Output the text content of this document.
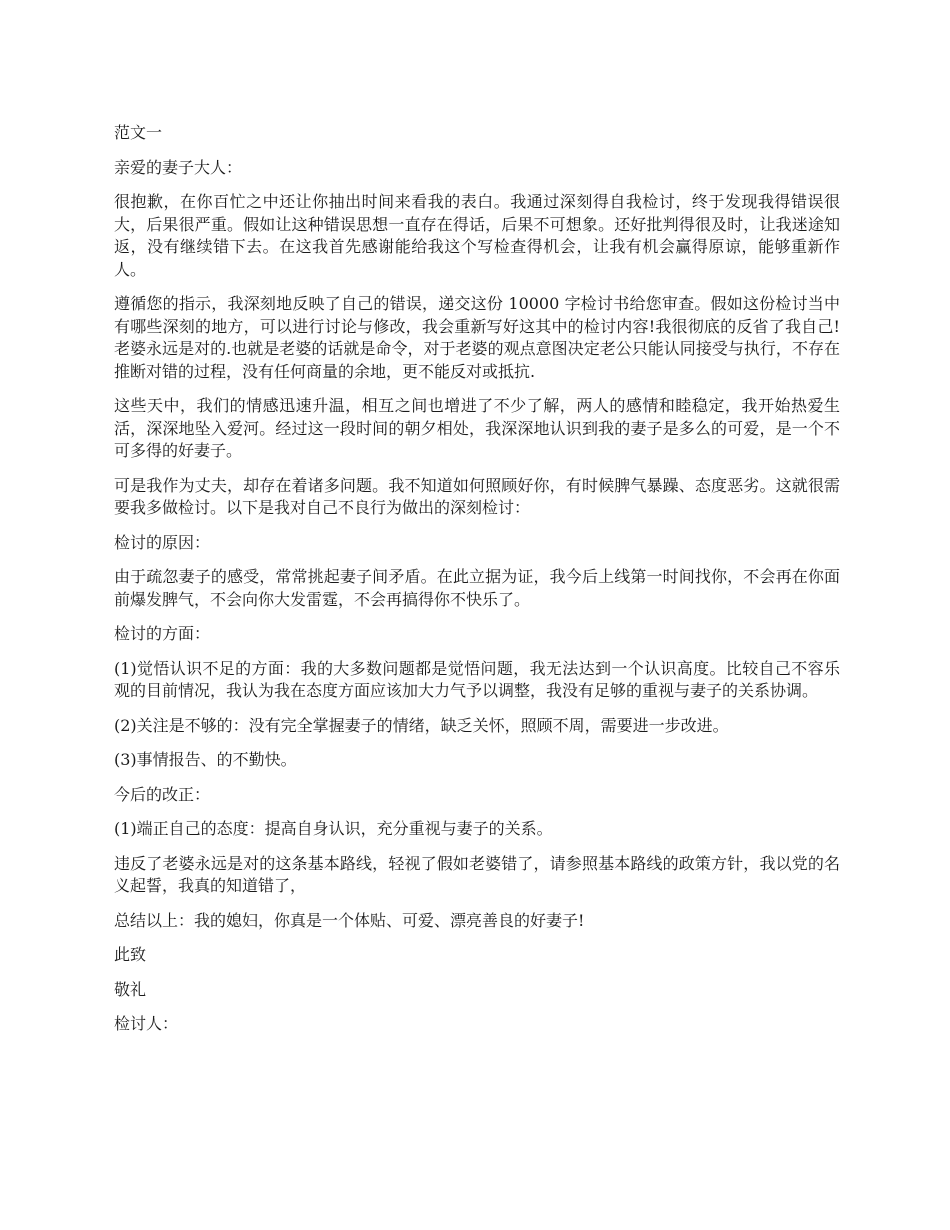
范文一

亲爱的妻子大人：

很抱歉，在你百忙之中还让你抽出时间来看我的表白。我通过深刻得自我检讨，终于发现我得错误很大，后果很严重。假如让这种错误思想一直存在得话，后果不可想象。还好批判得很及时，让我迷途知返，没有继续错下去。在这我首先感谢能给我这个写检查得机会，让我有机会赢得原谅，能够重新作人。

遵循您的指示，我深刻地反映了自己的错误，递交这份 10000 字检讨书给您审查。假如这份检讨当中有哪些深刻的地方，可以进行讨论与修改，我会重新写好这其中的检讨内容!我很彻底的反省了我自己!老婆永远是对的.也就是老婆的话就是命令，对于老婆的观点意图决定老公只能认同接受与执行，不存在推断对错的过程，没有任何商量的余地，更不能反对或抵抗.

这些天中，我们的情感迅速升温，相互之间也增进了不少了解，两人的感情和睦稳定，我开始热爱生活，深深地坠入爱河。经过这一段时间的朝夕相处，我深深地认识到我的妻子是多么的可爱，是一个不可多得的好妻子。

可是我作为丈夫，却存在着诸多问题。我不知道如何照顾好你，有时候脾气暴躁、态度恶劣。这就很需要我多做检讨。以下是我对自己不良行为做出的深刻检讨：

检讨的原因：

由于疏忽妻子的感受，常常挑起妻子间矛盾。在此立据为证，我今后上线第一时间找你，不会再在你面前爆发脾气，不会向你大发雷霆，不会再搞得你不快乐了。

检讨的方面：

(1)觉悟认识不足的方面：我的大多数问题都是觉悟问题，我无法达到一个认识高度。比较自己不容乐观的目前情况，我认为我在态度方面应该加大力气予以调整，我没有足够的重视与妻子的关系协调。

(2)关注是不够的：没有完全掌握妻子的情绪，缺乏关怀，照顾不周，需要进一步改进。

(3)事情报告、的不勤快。

今后的改正：

(1)端正自己的态度：提高自身认识，充分重视与妻子的关系。

违反了老婆永远是对的这条基本路线，轻视了假如老婆错了，请参照基本路线的政策方针，我以党的名义起誓，我真的知道错了，

总结以上：我的媳妇，你真是一个体贴、可爱、漂亮善良的好妻子!

此致

敬礼

检讨人：
